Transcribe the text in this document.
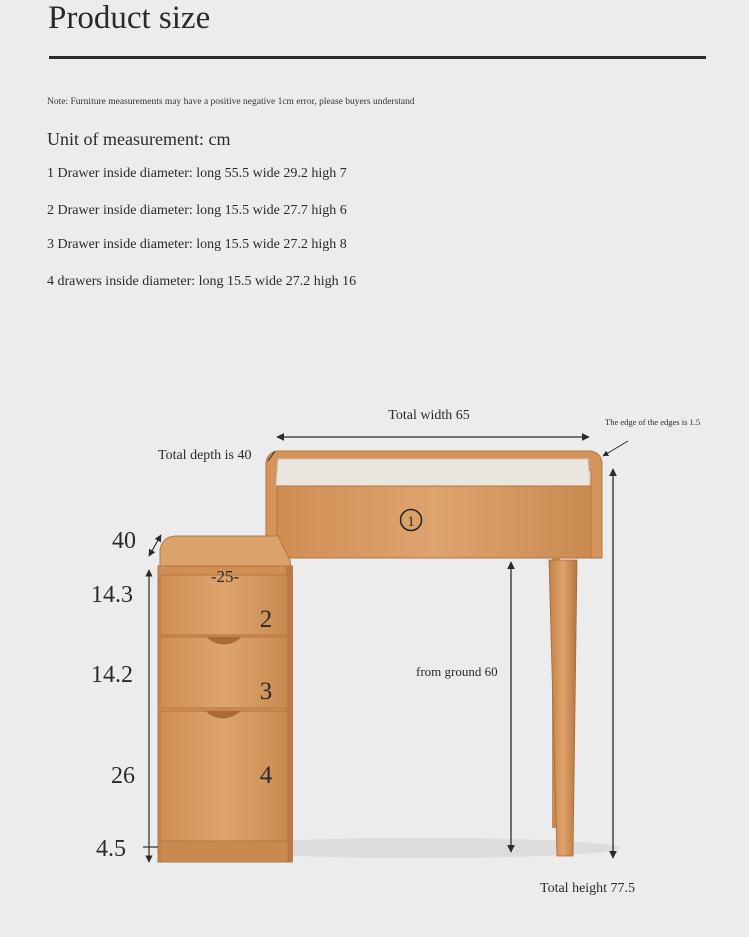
Product size
Note: Furniture measurements may have a positive negative 1cm error, please buyers understand
Unit of measurement: cm
1 Drawer inside diameter: long 55.5 wide 29.2 high 7
2 Drawer inside diameter: long 15.5 wide 27.7 high 6
3 Drawer inside diameter: long 15.5 wide 27.2 high 8
4 drawers inside diameter: long 15.5 wide 27.2 high 16
1
2
3
4
-25-
Total width 65	The edge of the edges is 1.5
Total depth is 40
Total height 77.5
from ground 60
40
14.3
14.2
26
4.5
